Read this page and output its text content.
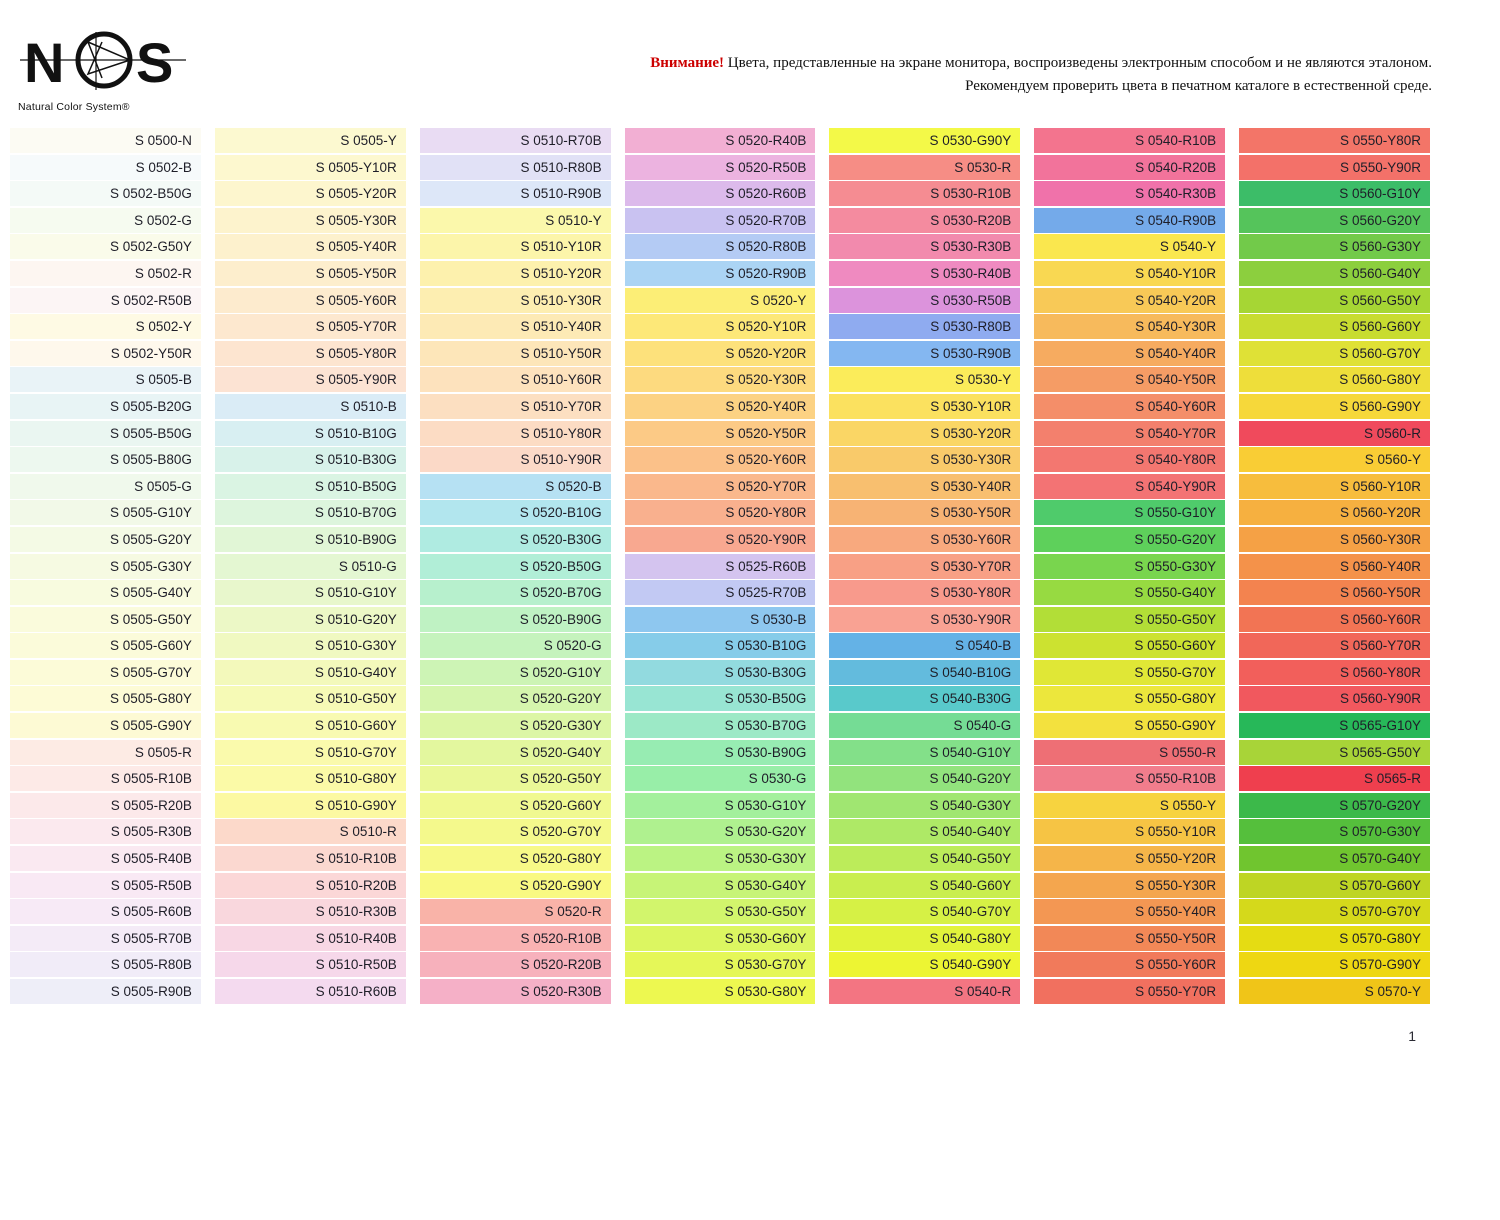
N S
Natural Color System®
Внимание! Цвета, представленные на экране монитора, воспроизведены электронным способом и не являются эталоном.
Рекомендуем проверить цвета в печатном каталоге в естественной среде.
S 0500-N
S 0502-B
S 0502-B50G
S 0502-G
S 0502-G50Y
S 0502-R
S 0502-R50B
S 0502-Y
S 0502-Y50R
S 0505-B
S 0505-B20G
S 0505-B50G
S 0505-B80G
S 0505-G
S 0505-G10Y
S 0505-G20Y
S 0505-G30Y
S 0505-G40Y
S 0505-G50Y
S 0505-G60Y
S 0505-G70Y
S 0505-G80Y
S 0505-G90Y
S 0505-R
S 0505-R10B
S 0505-R20B
S 0505-R30B
S 0505-R40B
S 0505-R50B
S 0505-R60B
S 0505-R70B
S 0505-R80B
S 0505-R90B
S 0505-Y
S 0505-Y10R
S 0505-Y20R
S 0505-Y30R
S 0505-Y40R
S 0505-Y50R
S 0505-Y60R
S 0505-Y70R
S 0505-Y80R
S 0505-Y90R
S 0510-B
S 0510-B10G
S 0510-B30G
S 0510-B50G
S 0510-B70G
S 0510-B90G
S 0510-G
S 0510-G10Y
S 0510-G20Y
S 0510-G30Y
S 0510-G40Y
S 0510-G50Y
S 0510-G60Y
S 0510-G70Y
S 0510-G80Y
S 0510-G90Y
S 0510-R
S 0510-R10B
S 0510-R20B
S 0510-R30B
S 0510-R40B
S 0510-R50B
S 0510-R60B
S 0510-R70B
S 0510-R80B
S 0510-R90B
S 0510-Y
S 0510-Y10R
S 0510-Y20R
S 0510-Y30R
S 0510-Y40R
S 0510-Y50R
S 0510-Y60R
S 0510-Y70R
S 0510-Y80R
S 0510-Y90R
S 0520-B
S 0520-B10G
S 0520-B30G
S 0520-B50G
S 0520-B70G
S 0520-B90G
S 0520-G
S 0520-G10Y
S 0520-G20Y
S 0520-G30Y
S 0520-G40Y
S 0520-G50Y
S 0520-G60Y
S 0520-G70Y
S 0520-G80Y
S 0520-G90Y
S 0520-R
S 0520-R10B
S 0520-R20B
S 0520-R30B
S 0520-R40B
S 0520-R50B
S 0520-R60B
S 0520-R70B
S 0520-R80B
S 0520-R90B
S 0520-Y
S 0520-Y10R
S 0520-Y20R
S 0520-Y30R
S 0520-Y40R
S 0520-Y50R
S 0520-Y60R
S 0520-Y70R
S 0520-Y80R
S 0520-Y90R
S 0525-R60B
S 0525-R70B
S 0530-B
S 0530-B10G
S 0530-B30G
S 0530-B50G
S 0530-B70G
S 0530-B90G
S 0530-G
S 0530-G10Y
S 0530-G20Y
S 0530-G30Y
S 0530-G40Y
S 0530-G50Y
S 0530-G60Y
S 0530-G70Y
S 0530-G80Y
S 0530-G90Y
S 0530-R
S 0530-R10B
S 0530-R20B
S 0530-R30B
S 0530-R40B
S 0530-R50B
S 0530-R80B
S 0530-R90B
S 0530-Y
S 0530-Y10R
S 0530-Y20R
S 0530-Y30R
S 0530-Y40R
S 0530-Y50R
S 0530-Y60R
S 0530-Y70R
S 0530-Y80R
S 0530-Y90R
S 0540-B
S 0540-B10G
S 0540-B30G
S 0540-G
S 0540-G10Y
S 0540-G20Y
S 0540-G30Y
S 0540-G40Y
S 0540-G50Y
S 0540-G60Y
S 0540-G70Y
S 0540-G80Y
S 0540-G90Y
S 0540-R
S 0540-R10B
S 0540-R20B
S 0540-R30B
S 0540-R90B
S 0540-Y
S 0540-Y10R
S 0540-Y20R
S 0540-Y30R
S 0540-Y40R
S 0540-Y50R
S 0540-Y60R
S 0540-Y70R
S 0540-Y80R
S 0540-Y90R
S 0550-G10Y
S 0550-G20Y
S 0550-G30Y
S 0550-G40Y
S 0550-G50Y
S 0550-G60Y
S 0550-G70Y
S 0550-G80Y
S 0550-G90Y
S 0550-R
S 0550-R10B
S 0550-Y
S 0550-Y10R
S 0550-Y20R
S 0550-Y30R
S 0550-Y40R
S 0550-Y50R
S 0550-Y60R
S 0550-Y70R
S 0550-Y80R
S 0550-Y90R
S 0560-G10Y
S 0560-G20Y
S 0560-G30Y
S 0560-G40Y
S 0560-G50Y
S 0560-G60Y
S 0560-G70Y
S 0560-G80Y
S 0560-G90Y
S 0560-R
S 0560-Y
S 0560-Y10R
S 0560-Y20R
S 0560-Y30R
S 0560-Y40R
S 0560-Y50R
S 0560-Y60R
S 0560-Y70R
S 0560-Y80R
S 0560-Y90R
S 0565-G10Y
S 0565-G50Y
S 0565-R
S 0570-G20Y
S 0570-G30Y
S 0570-G40Y
S 0570-G60Y
S 0570-G70Y
S 0570-G80Y
S 0570-G90Y
S 0570-Y
1
